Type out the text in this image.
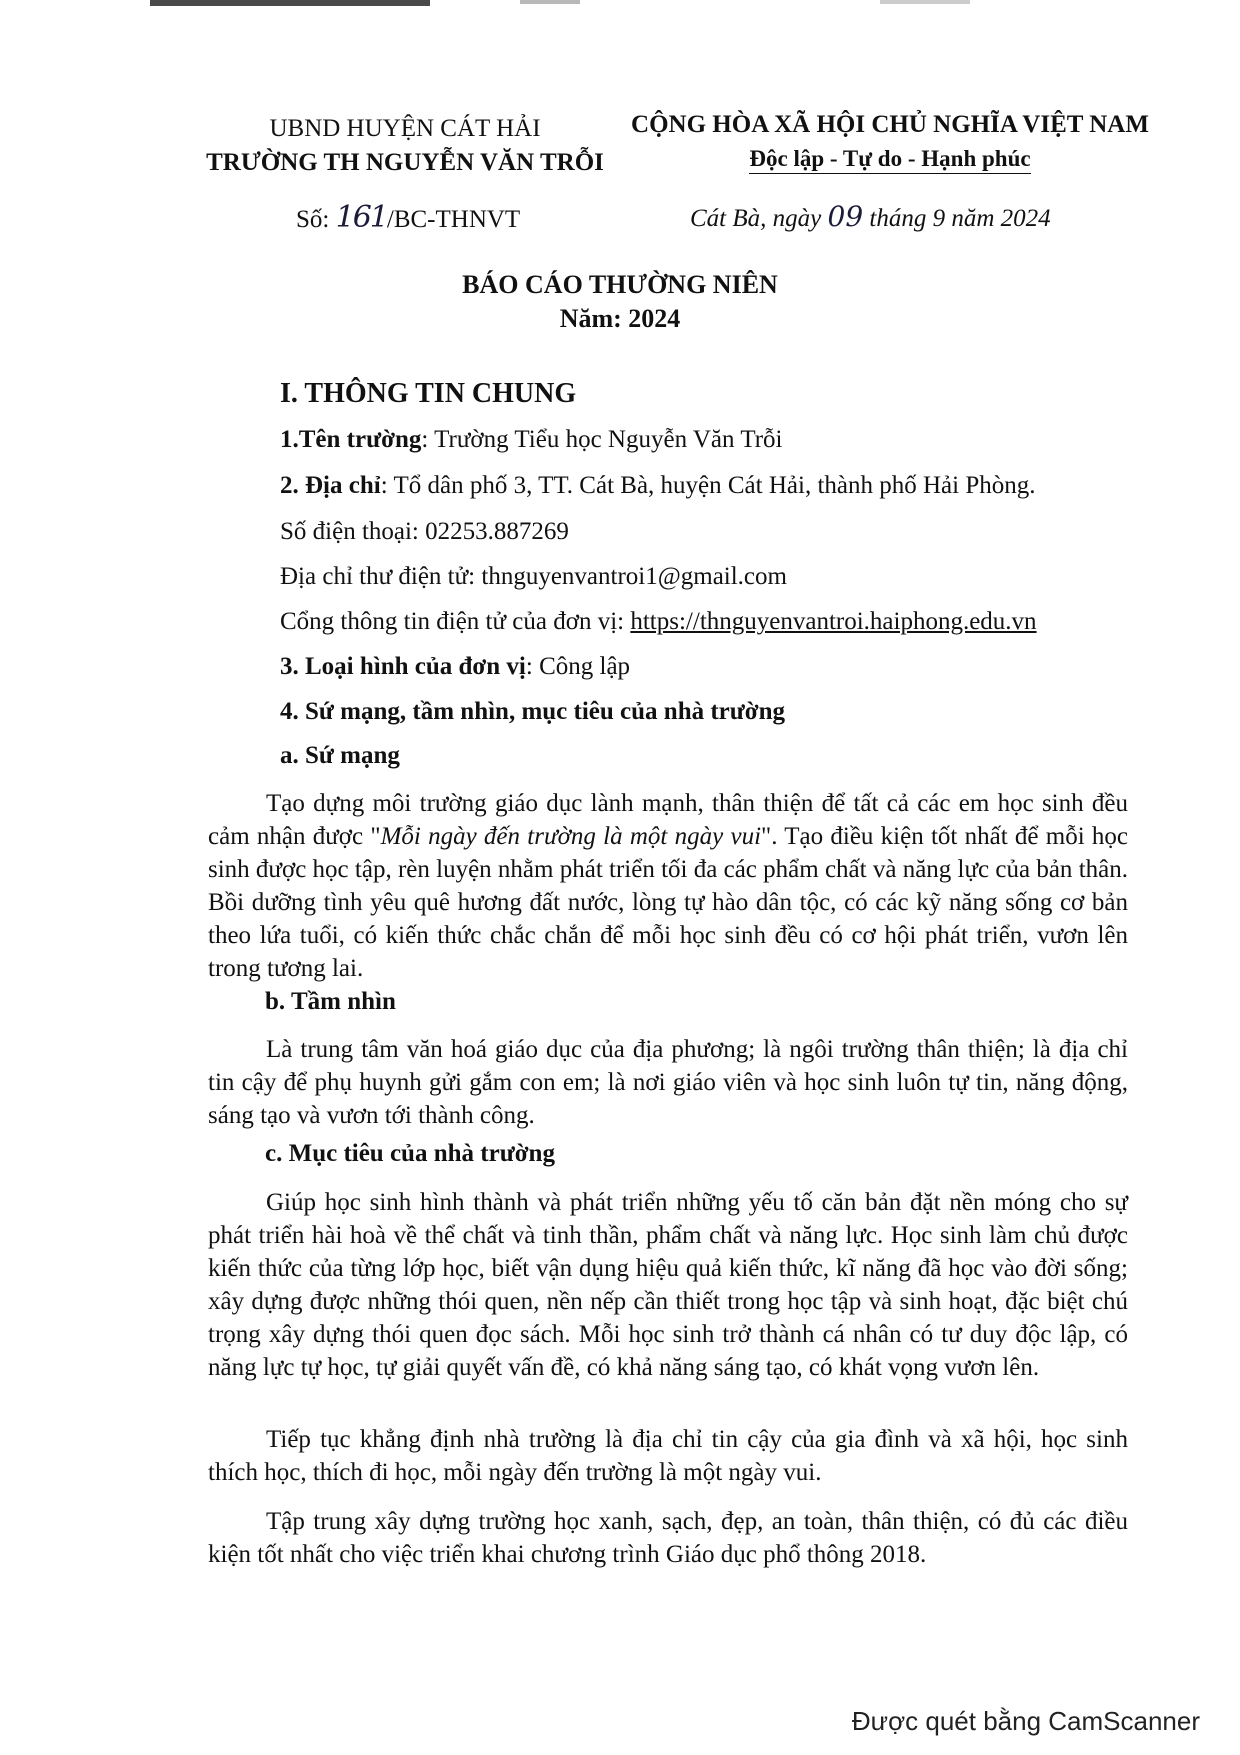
UBND HUYỆN CÁT HẢI
TRƯỜNG TH NGUYỄN VĂN TRỖI
CỘNG HÒA XÃ HỘI CHỦ NGHĨA VIỆT NAM
Độc lập - Tự do - Hạnh phúc
Số: 161/BC-THNVT	Cát Bà, ngày 09 tháng 9 năm 2024
BÁO CÁO THƯỜNG NIÊN
Năm: 2024
I. THÔNG TIN CHUNG
1.Tên trường: Trường Tiểu học Nguyễn Văn Trỗi
2. Địa chỉ: Tổ dân phố 3, TT. Cát Bà, huyện Cát Hải, thành phố Hải Phòng.
Số điện thoại: 02253.887269
Địa chỉ thư điện tử: thnguyenvantroi1@gmail.com
Cổng thông tin điện tử của đơn vị: https://thnguyenvantroi.haiphong.edu.vn
3. Loại hình của đơn vị: Công lập
4. Sứ mạng, tầm nhìn, mục tiêu của nhà trường
a. Sứ mạng
Tạo dựng môi trường giáo dục lành mạnh, thân thiện để tất cả các em học sinh đều cảm nhận được "Mỗi ngày đến trường là một ngày vui". Tạo điều kiện tốt nhất để mỗi học sinh được học tập, rèn luyện nhằm phát triển tối đa các phẩm chất và năng lực của bản thân. Bồi dưỡng tình yêu quê hương đất nước, lòng tự hào dân tộc, có các kỹ năng sống cơ bản theo lứa tuổi, có kiến thức chắc chắn để mỗi học sinh đều có cơ hội phát triển, vươn lên trong tương lai.
b. Tầm nhìn
Là trung tâm văn hoá giáo dục của địa phương; là ngôi trường thân thiện; là địa chỉ tin cậy để phụ huynh gửi gắm con em; là nơi giáo viên và học sinh luôn tự tin, năng động, sáng tạo và vươn tới thành công.
c. Mục tiêu của nhà trường
Giúp học sinh hình thành và phát triển những yếu tố căn bản đặt nền móng cho sự phát triển hài hoà về thể chất và tinh thần, phẩm chất và năng lực. Học sinh làm chủ được kiến thức của từng lớp học, biết vận dụng hiệu quả kiến thức, kĩ năng đã học vào đời sống; xây dựng được những thói quen, nền nếp cần thiết trong học tập và sinh hoạt, đặc biệt chú trọng xây dựng thói quen đọc sách. Mỗi học sinh trở thành cá nhân có tư duy độc lập, có năng lực tự học, tự giải quyết vấn đề, có khả năng sáng tạo, có khát vọng vươn lên.
Tiếp tục khẳng định nhà trường là địa chỉ tin cậy của gia đình và xã hội, học sinh thích học, thích đi học, mỗi ngày đến trường là một ngày vui.
Tập trung xây dựng trường học xanh, sạch, đẹp, an toàn, thân thiện, có đủ các điều kiện tốt nhất cho việc triển khai chương trình Giáo dục phổ thông 2018.
Được quét bằng CamScanner
